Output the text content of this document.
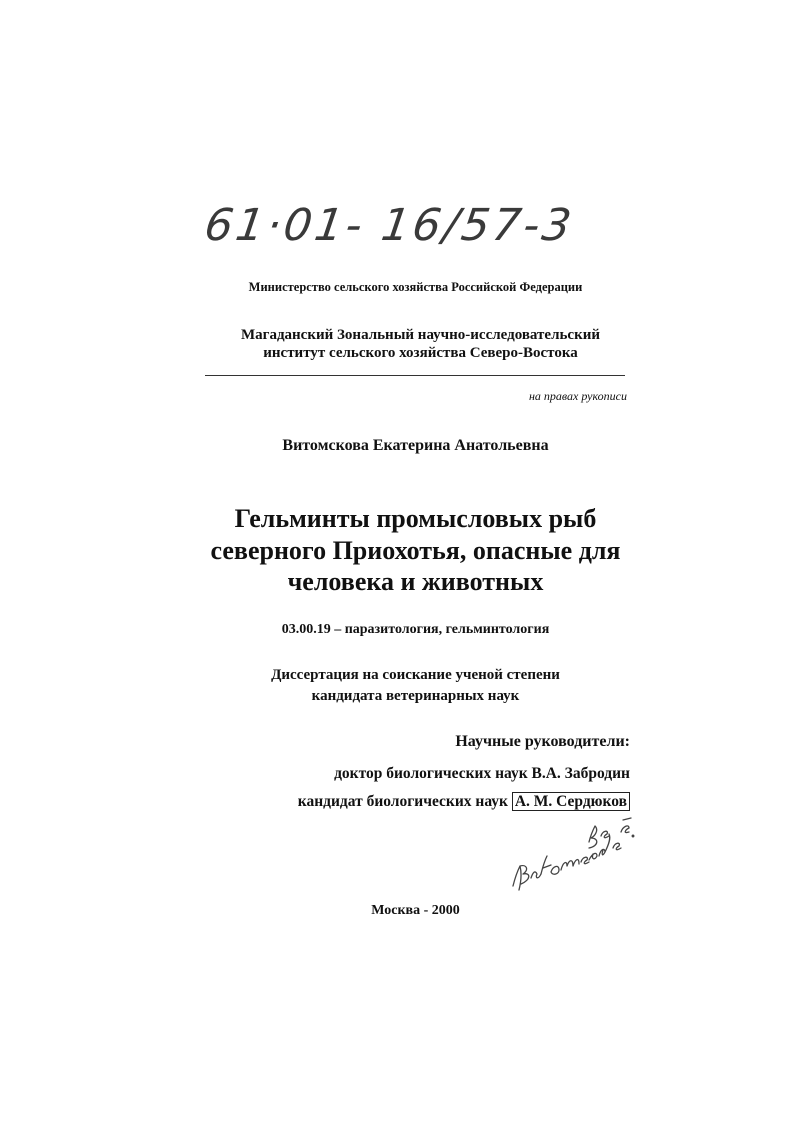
61·01- 16/57-3
Министерство сельского хозяйства Российской Федерации
Магаданский Зональный научно-исследовательский
институт сельского хозяйства Северо-Востока
на правах рукописи
Витомскова Екатерина Анатольевна
Гельминты промысловых рыб
северного Приохотья, опасные для
человека и животных
03.00.19 – паразитология, гельминтология
Диссертация на соискание ученой степени
кандидата ветеринарных наук
Научные руководители:
доктор биологических наук В.А. Забродин
кандидат биологических наук А. М. Сердюков
Москва - 2000
